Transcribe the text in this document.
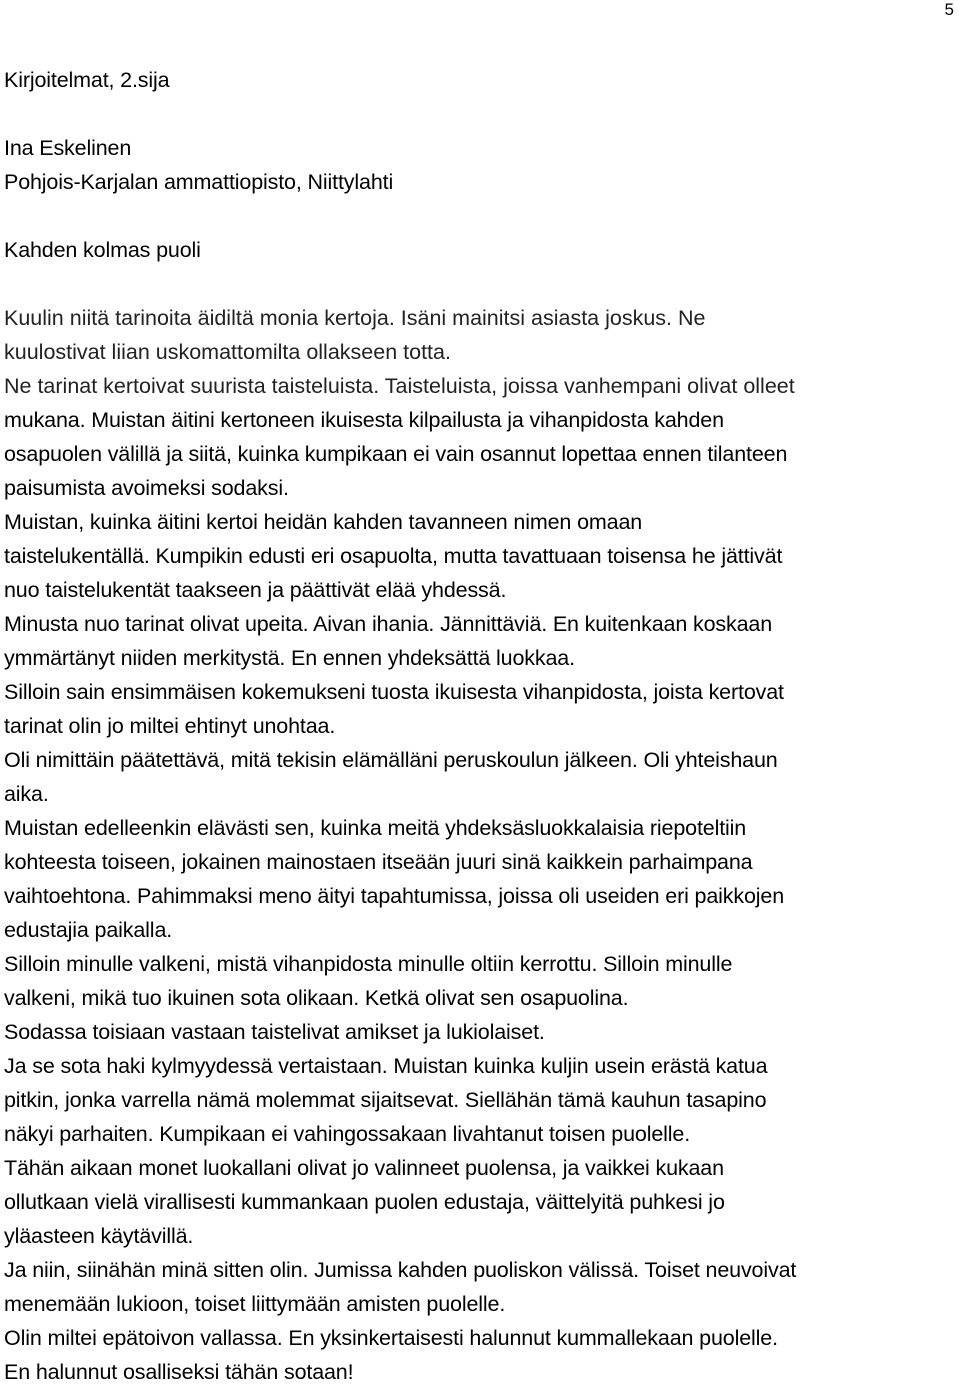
5
Kirjoitelmat, 2.sija
Ina Eskelinen
Pohjois-Karjalan ammattiopisto, Niittylahti
Kahden kolmas puoli
Kuulin niitä tarinoita äidiltä monia kertoja. Isäni mainitsi asiasta joskus. Ne
kuulostivat liian uskomattomilta ollakseen totta.
Ne tarinat kertoivat suurista taisteluista. Taisteluista, joissa vanhempani olivat olleet
mukana. Muistan äitini kertoneen ikuisesta kilpailusta ja vihanpidosta kahden
osapuolen välillä ja siitä, kuinka kumpikaan ei vain osannut lopettaa ennen tilanteen
paisumista avoimeksi sodaksi.
Muistan, kuinka äitini kertoi heidän kahden tavanneen nimen omaan
taistelukentällä. Kumpikin edusti eri osapuolta, mutta tavattuaan toisensa he jättivät
nuo taistelukentät taakseen ja päättivät elää yhdessä.
Minusta nuo tarinat olivat upeita. Aivan ihania. Jännittäviä. En kuitenkaan koskaan
ymmärtänyt niiden merkitystä. En ennen yhdeksättä luokkaa.
Silloin sain ensimmäisen kokemukseni tuosta ikuisesta vihanpidosta, joista kertovat
tarinat olin jo miltei ehtinyt unohtaa.
Oli nimittäin päätettävä, mitä tekisin elämälläni peruskoulun jälkeen. Oli yhteishaun
aika.
Muistan edelleenkin elävästi sen, kuinka meitä yhdeksäsluokkalaisia riepoteltiin
kohteesta toiseen, jokainen mainostaen itseään juuri sinä kaikkein parhaimpana
vaihtoehtona. Pahimmaksi meno äityi tapahtumissa, joissa oli useiden eri paikkojen
edustajia paikalla.
Silloin minulle valkeni, mistä vihanpidosta minulle oltiin kerrottu. Silloin minulle
valkeni, mikä tuo ikuinen sota olikaan. Ketkä olivat sen osapuolina.
Sodassa toisiaan vastaan taistelivat amikset ja lukiolaiset.
Ja se sota haki kylmyydessä vertaistaan. Muistan kuinka kuljin usein erästä katua
pitkin, jonka varrella nämä molemmat sijaitsevat. Siellähän tämä kauhun tasapino
näkyi parhaiten. Kumpikaan ei vahingossakaan livahtanut toisen puolelle.
Tähän aikaan monet luokallani olivat jo valinneet puolensa, ja vaikkei kukaan
ollutkaan vielä virallisesti kummankaan puolen edustaja, väittelyitä puhkesi jo
yläasteen käytävillä.
Ja niin, siinähän minä sitten olin. Jumissa kahden puoliskon välissä. Toiset neuvoivat
menemään lukioon, toiset liittymään amisten puolelle.
Olin miltei epätoivon vallassa. En yksinkertaisesti halunnut kummallekaan puolelle.
En halunnut osalliseksi tähän sotaan!
